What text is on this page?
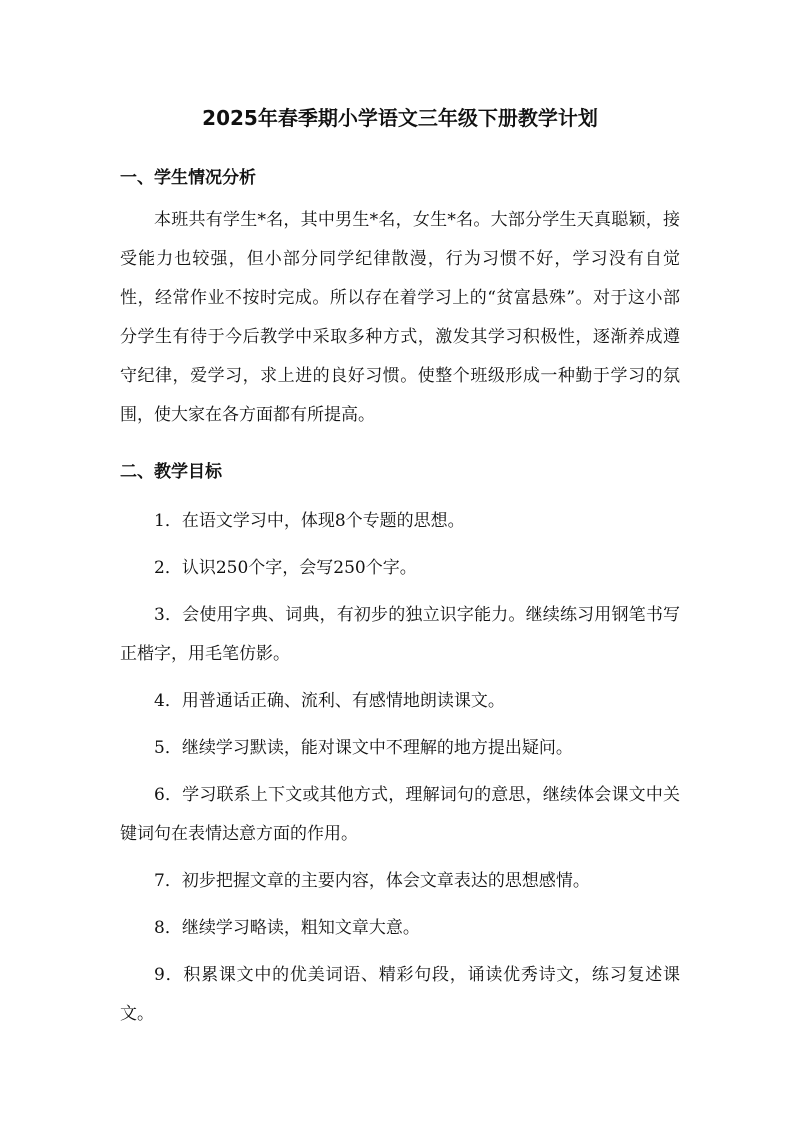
2025年春季期小学语文三年级下册教学计划
一、学生情况分析

本班共有学生*名，其中男生*名，女生*名。大部分学生天真聪颖，接受能力也较强，但小部分同学纪律散漫，行为习惯不好，学习没有自觉性，经常作业不按时完成。所以存在着学习上的“贫富悬殊”。对于这小部分学生有待于今后教学中采取多种方式，激发其学习积极性，逐渐养成遵守纪律，爱学习，求上进的良好习惯。使整个班级形成一种勤于学习的氛围，使大家在各方面都有所提高。

二、教学目标
1．在语文学习中，体现8个专题的思想。
2．认识250个字，会写250个字。
3．会使用字典、词典，有初步的独立识字能力。继续练习用钢笔书写正楷字，用毛笔仿影。
4．用普通话正确、流利、有感情地朗读课文。
5．继续学习默读，能对课文中不理解的地方提出疑问。
6．学习联系上下文或其他方式，理解词句的意思，继续体会课文中关键词句在表情达意方面的作用。
7．初步把握文章的主要内容，体会文章表达的思想感情。
8．继续学习略读，粗知文章大意。
9．积累课文中的优美词语、精彩句段，诵读优秀诗文，练习复述课文。
